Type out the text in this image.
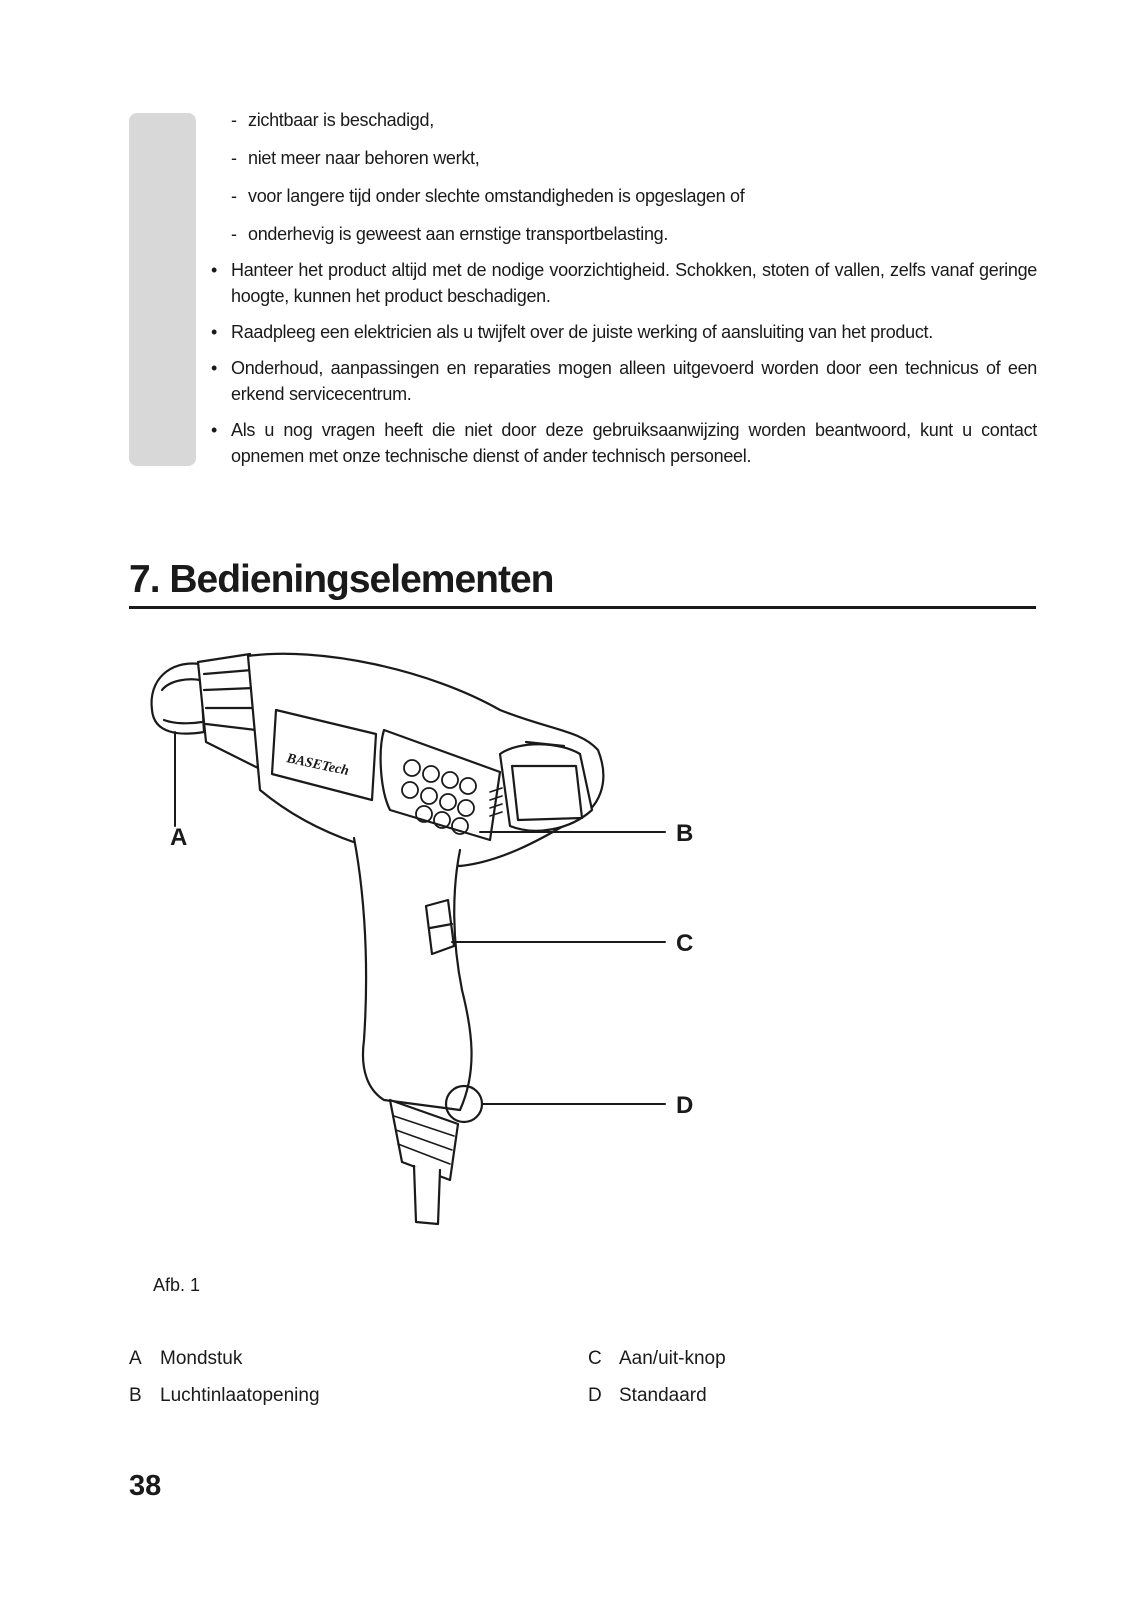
- zichtbaar is beschadigd,
- niet meer naar behoren werkt,
- voor langere tijd onder slechte omstandigheden is opgeslagen of
- onderhevig is geweest aan ernstige transportbelasting.
• Hanteer het product altijd met de nodige voorzichtigheid. Schokken, stoten of vallen, zelfs vanaf geringe hoogte, kunnen het product beschadigen.
• Raadpleeg een elektricien als u twijfelt over de juiste werking of aansluiting van het product.
• Onderhoud, aanpassingen en reparaties mogen alleen uitgevoerd worden door een technicus of een erkend servicecentrum.
• Als u nog vragen heeft die niet door deze gebruiksaanwijzing worden beantwoord, kunt u contact opnemen met onze technische dienst of ander technisch personeel.
7. Bedieningselementen
BASETech
A	B
C
D
Afb. 1
A Mondstuk
B Luchtinlaatopening
C Aan/uit-knop
D Standaard
38
